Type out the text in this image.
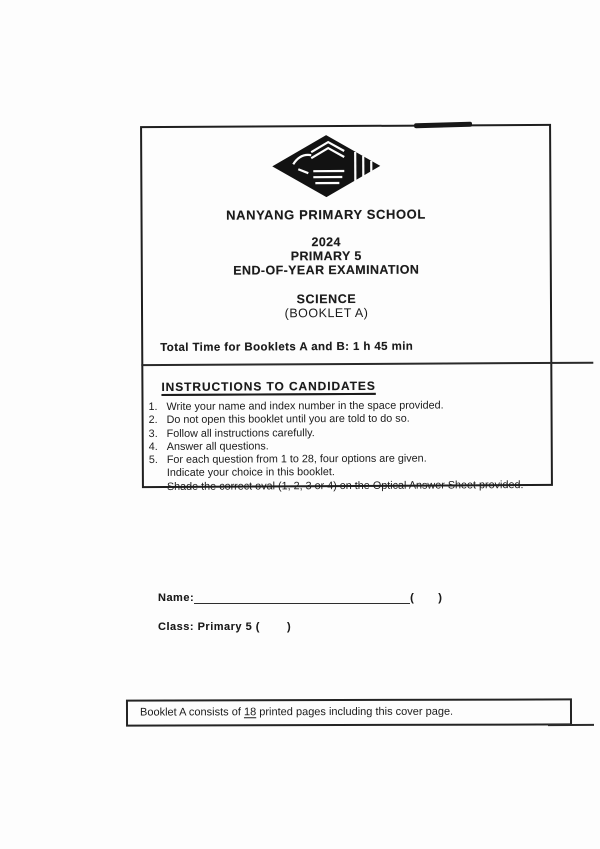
NANYANG PRIMARY SCHOOL
2024
PRIMARY 5
END-OF-YEAR EXAMINATION
SCIENCE
(BOOKLET A)
Total Time for Booklets A and B: 1 h 45 min
INSTRUCTIONS TO CANDIDATES
1. Write your name and index number in the space provided.
2. Do not open this booklet until you are told to do so.
3. Follow all instructions carefully.
4. Answer all questions.
5. For each question from 1 to 28, four options are given.
Indicate your choice in this booklet.
Shade the correct oval (1, 2, 3 or 4) on the Optical Answer Sheet provided.
Name:	( )
Class: Primary 5 ( )
Booklet A consists of 18 printed pages including this cover page.
